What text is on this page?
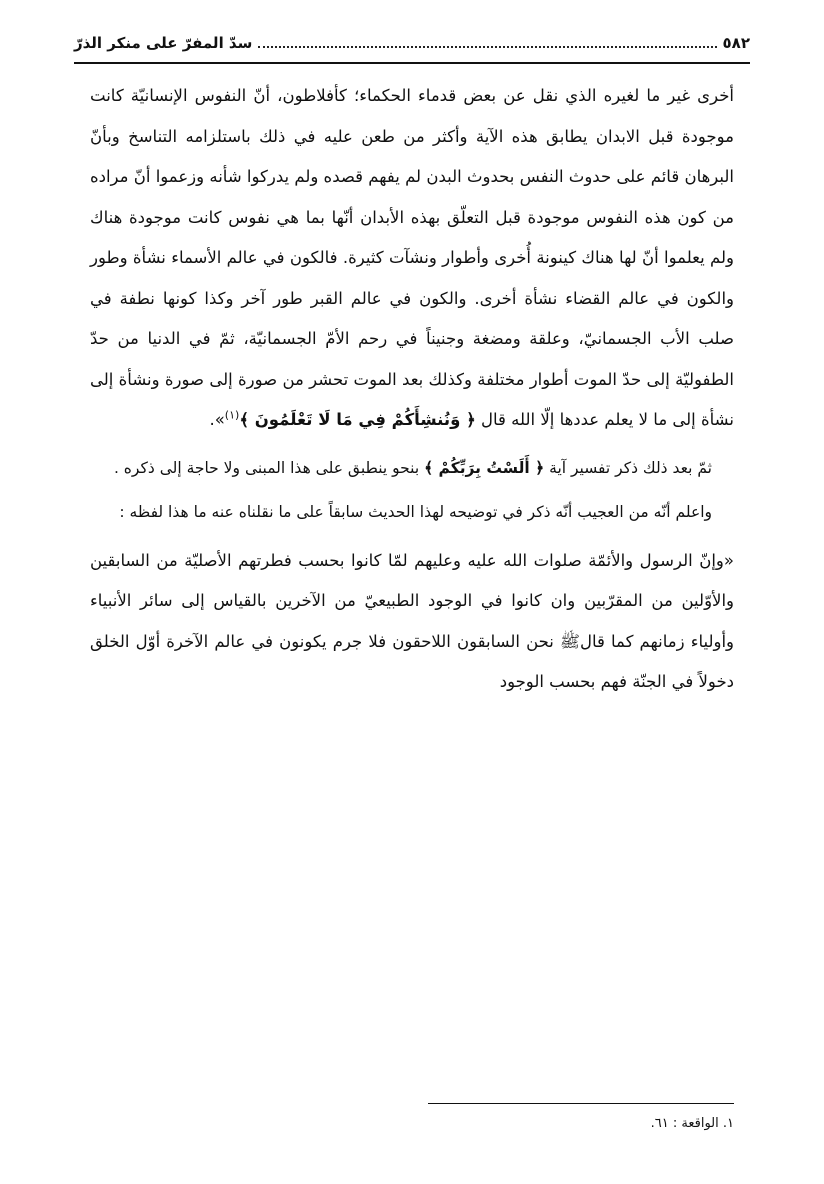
٥٨٢
سدّ المفرّ على منكر الذرّ

أخرى غير ما لغيره الذي نقل عن بعض قدماء الحكماء؛ كأفلاطون، أنّ النفوس الإنسانيّة كانت موجودة قبل الابدان يطابق هذه الآية وأكثر من طعن عليه في ذلك باستلزامه التناسخ وبأنّ البرهان قائم على حدوث النفس بحدوث البدن لم يفهم قصده ولم يدركوا شأنه وزعموا أنّ مراده من كون هذه النفوس موجودة قبل التعلّق بهذه الأبدان أنّها بما هي نفوس كانت موجودة هناك ولم يعلموا أنّ لها هناك كينونة أُخرى وأطوار ونشآت كثيرة. فالكون في عالم الأسماء نشأة وطور والكون في عالم القضاء نشأة أخرى. والكون في عالم القبر طور آخر وكذا كونها نطفة في صلب الأب الجسمانيّ، وعلقة ومضغة وجنيناً في رحم الأمّ الجسمانيّة، ثمّ في الدنيا من حدّ الطفوليّة إلى حدّ الموت أطوار مختلفة وكذلك بعد الموت تحشر من صورة إلى صورة ونشأة إلى نشأة إلى ما لا يعلم عددها إلّا الله قال ﴿ وَنُنشِأَكُمْ فِي مَا لَا تَعْلَمُونَ ﴾$^{(١)}$».

ثمّ بعد ذلك ذكر تفسير آية ﴿ أَلَسْتُ بِرَبِّكُمْ ﴾ بنحو ينطبق على هذا المبنى ولا حاجة إلى ذكره .

واعلم أنّه من العجيب أنّه ذكر في توضيحه لهذا الحديث سابقاً على ما نقلناه عنه ما هذا لفظه :

«وإنّ الرسول والأئمّة صلوات الله عليه وعليهم لمّا كانوا بحسب فطرتهم الأصليّة من السابقين والأوّلين من المقرّبين وان كانوا في الوجود الطبيعيّ من الآخرين بالقياس إلى سائر الأنبياء وأولياء زمانهم كما قالﷺ نحن السابقون اللاحقون فلا جرم يكونون في عالم الآخرة أوّل الخلق دخولاً في الجنّة فهم بحسب الوجود

١. الواقعة : ٦١.
